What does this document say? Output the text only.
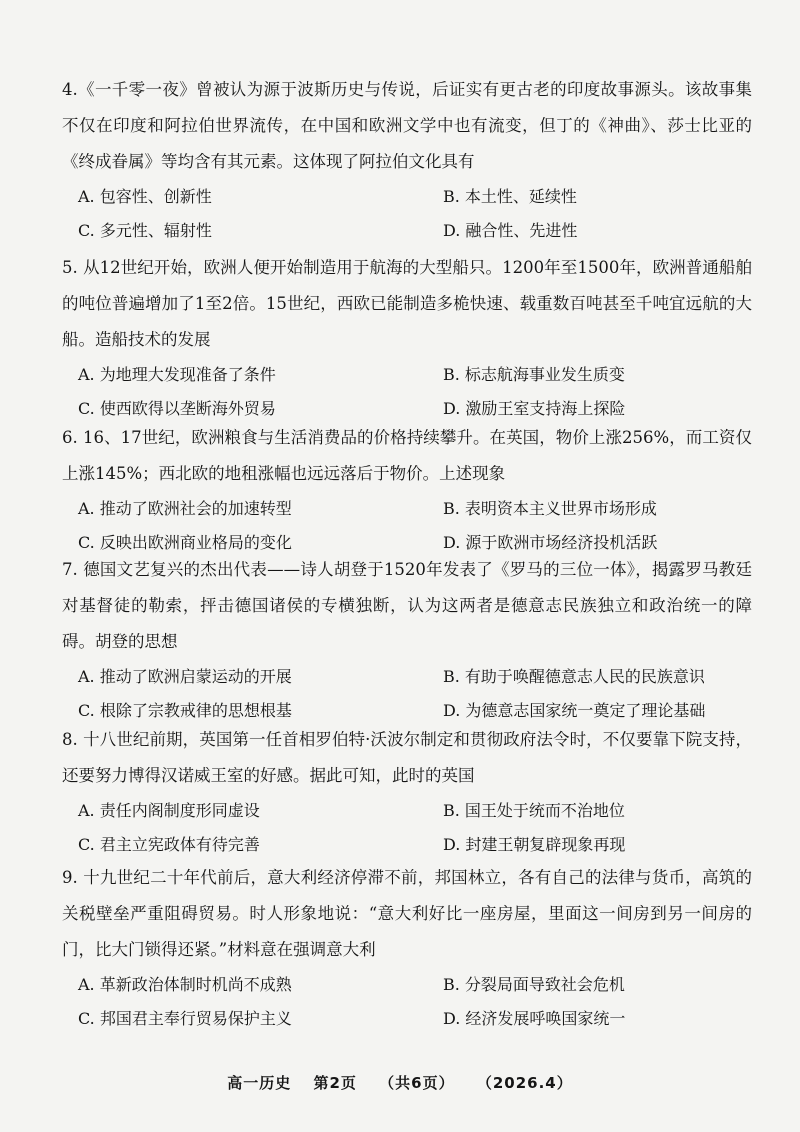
4.《一千零一夜》曾被认为源于波斯历史与传说，后证实有更古老的印度故事源头。该故事集不仅在印度和阿拉伯世界流传，在中国和欧洲文学中也有流变，但丁的《神曲》、莎士比亚的《终成眷属》等均含有其元素。这体现了阿拉伯文化具有

A. 包容性、创新性	B. 本土性、延续性
C. 多元性、辐射性	D. 融合性、先进性

5. 从12世纪开始，欧洲人便开始制造用于航海的大型船只。1200年至1500年，欧洲普通船舶的吨位普遍增加了1至2倍。15世纪，西欧已能制造多桅快速、载重数百吨甚至千吨宜远航的大船。造船技术的发展

A. 为地理大发现准备了条件	B. 标志航海事业发生质变
C. 使西欧得以垄断海外贸易	D. 激励王室支持海上探险

6. 16、17世纪，欧洲粮食与生活消费品的价格持续攀升。在英国，物价上涨256%，而工资仅上涨145%；西北欧的地租涨幅也远远落后于物价。上述现象

A. 推动了欧洲社会的加速转型	B. 表明资本主义世界市场形成
C. 反映出欧洲商业格局的变化	D. 源于欧洲市场经济投机活跃

7. 德国文艺复兴的杰出代表——诗人胡登于1520年发表了《罗马的三位一体》，揭露罗马教廷对基督徒的勒索，抨击德国诸侯的专横独断，认为这两者是德意志民族独立和政治统一的障碍。胡登的思想

A. 推动了欧洲启蒙运动的开展	B. 有助于唤醒德意志人民的民族意识
C. 根除了宗教戒律的思想根基	D. 为德意志国家统一奠定了理论基础

8. 十八世纪前期，英国第一任首相罗伯特·沃波尔制定和贯彻政府法令时，不仅要靠下院支持，还要努力博得汉诺威王室的好感。据此可知，此时的英国

A. 责任内阁制度形同虚设	B. 国王处于统而不治地位
C. 君主立宪政体有待完善	D. 封建王朝复辟现象再现

9. 十九世纪二十年代前后，意大利经济停滞不前，邦国林立，各有自己的法律与货币，高筑的关税壁垒严重阻碍贸易。时人形象地说：“意大利好比一座房屋，里面这一间房到另一间房的门，比大门锁得还紧。”材料意在强调意大利

A. 革新政治体制时机尚不成熟	B. 分裂局面导致社会危机
C. 邦国君主奉行贸易保护主义	D. 经济发展呼唤国家统一
高一历史 第2页 （共6页） （2026.4）
